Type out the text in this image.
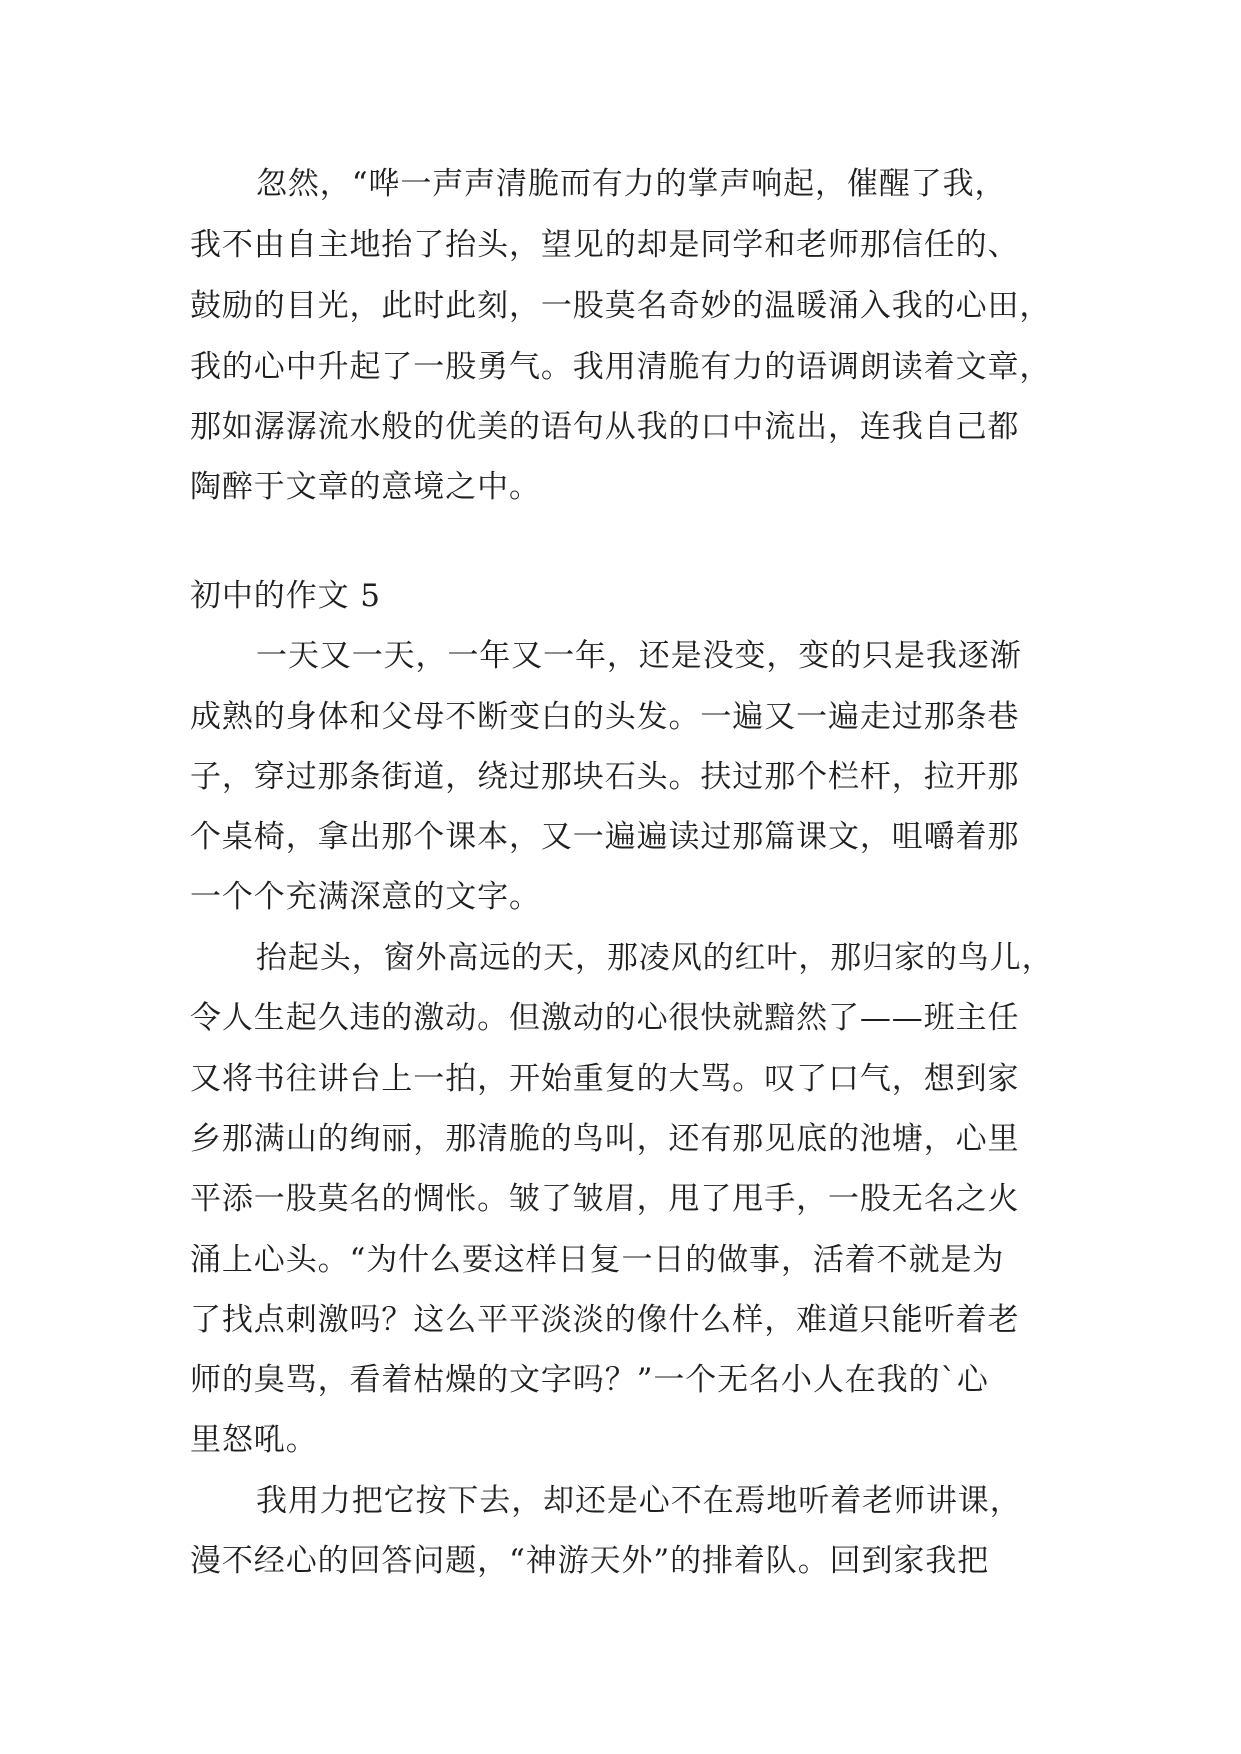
忽然，“哗一声声清脆而有力的掌声响起，催醒了我，

我不由自主地抬了抬头，望见的却是同学和老师那信任的、

鼓励的目光，此时此刻，一股莫名奇妙的温暖涌入我的心田，

我的心中升起了一股勇气。我用清脆有力的语调朗读着文章，

那如潺潺流水般的优美的语句从我的口中流出，连我自己都

陶醉于文章的意境之中。

初中的作文 5

一天又一天，一年又一年，还是没变，变的只是我逐渐

成熟的身体和父母不断变白的头发。一遍又一遍走过那条巷

子，穿过那条街道，绕过那块石头。扶过那个栏杆，拉开那

个桌椅，拿出那个课本，又一遍遍读过那篇课文，咀嚼着那

一个个充满深意的文字。

抬起头，窗外高远的天，那凌风的红叶，那归家的鸟儿，

令人生起久违的激动。但激动的心很快就黯然了——班主任

又将书往讲台上一拍，开始重复的大骂。叹了口气，想到家

乡那满山的绚丽，那清脆的鸟叫，还有那见底的池塘，心里

平添一股莫名的惆怅。皱了皱眉，甩了甩手，一股无名之火

涌上心头。“为什么要这样日复一日的做事，活着不就是为

了找点刺激吗？这么平平淡淡的像什么样，难道只能听着老

师的臭骂，看着枯燥的文字吗？”一个无名小人在我的`心

里怒吼。

我用力把它按下去，却还是心不在焉地听着老师讲课，

漫不经心的回答问题，“神游天外”的排着队。回到家我把
